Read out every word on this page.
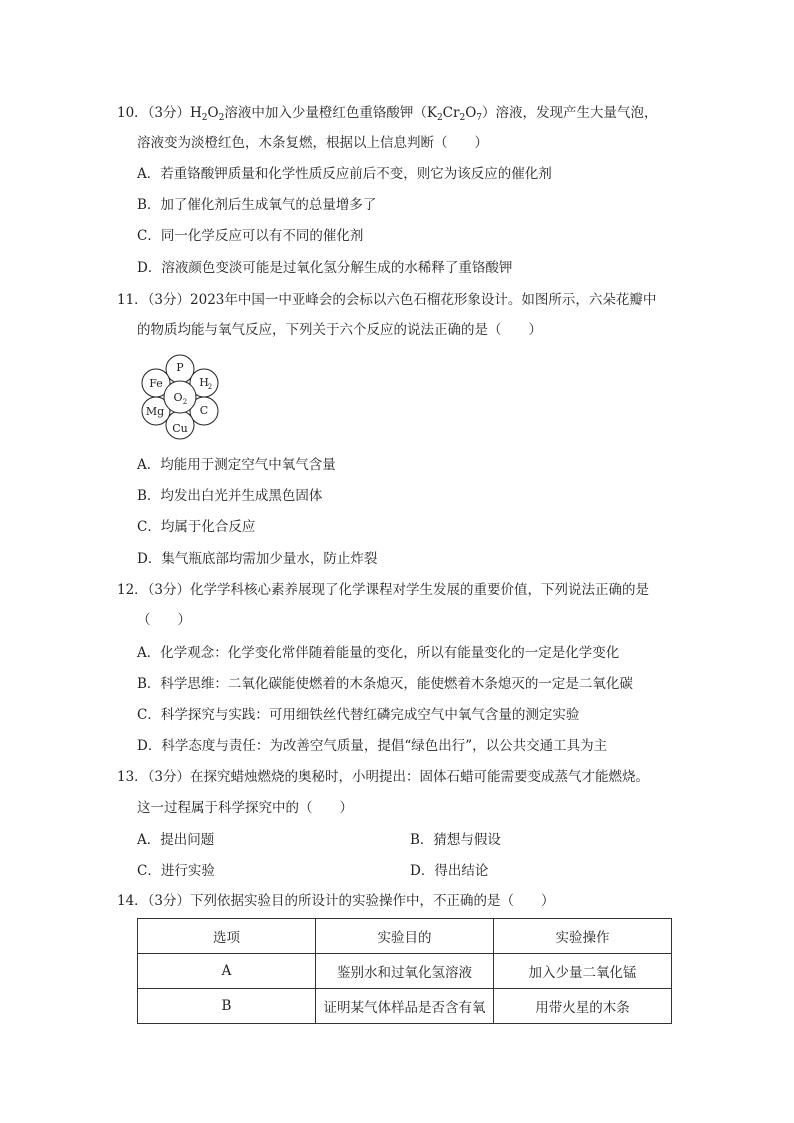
10．（3分）$H_2O_2$溶液中加入少量橙红色重铬酸钾$(K_2Cr_2O_7)$溶液，发现产生大量气泡，
溶液变为淡橙红色，木条复燃，根据以上信息判断（　　）
A．若重铬酸钾质量和化学性质反应前后不变，则它为该反应的催化剂
B．加了催化剂后生成氧气的总量增多了
C．同一化学反应可以有不同的催化剂
D．溶液颜色变淡可能是过氧化氢分解生成的水稀释了重铬酸钾
11．（3分）2023年中国一中亚峰会的会标以六色石榴花形象设计。如图所示，六朵花瓣中
的物质均能与氧气反应，下列关于六个反应的说法正确的是（　　）
P
H
2
C
Cu
Mg
Fe
O 2
A．均能用于测定空气中氧气含量
B．均发出白光并生成黑色固体
C．均属于化合反应
D．集气瓶底部均需加少量水，防止炸裂
12．（3分）化学学科核心素养展现了化学课程对学生发展的重要价值，下列说法正确的是
（　　）
A．化学观念：化学变化常伴随着能量的变化，所以有能量变化的一定是化学变化
B．科学思维：二氧化碳能使燃着的木条熄灭，能使燃着木条熄灭的一定是二氧化碳
C．科学探究与实践：可用细铁丝代替红磷完成空气中氧气含量的测定实验
D．科学态度与责任：为改善空气质量，提倡“绿色出行”，以公共交通工具为主
13．（3分）在探究蜡烛燃烧的奥秘时，小明提出：固体石蜡可能需要变成蒸气才能燃烧。
这一过程属于科学探究中的（　　）
A．提出问题	B．猜想与假设
C．进行实验	D．得出结论
14．（3分）下列依据实验目的所设计的实验操作中，不正确的是（　　）
选项	实验目的	实验操作
A	鉴别水和过氧化氢溶液	加入少量二氧化锰
B	证明某气体样品是否含有氧	用带火星的木条
